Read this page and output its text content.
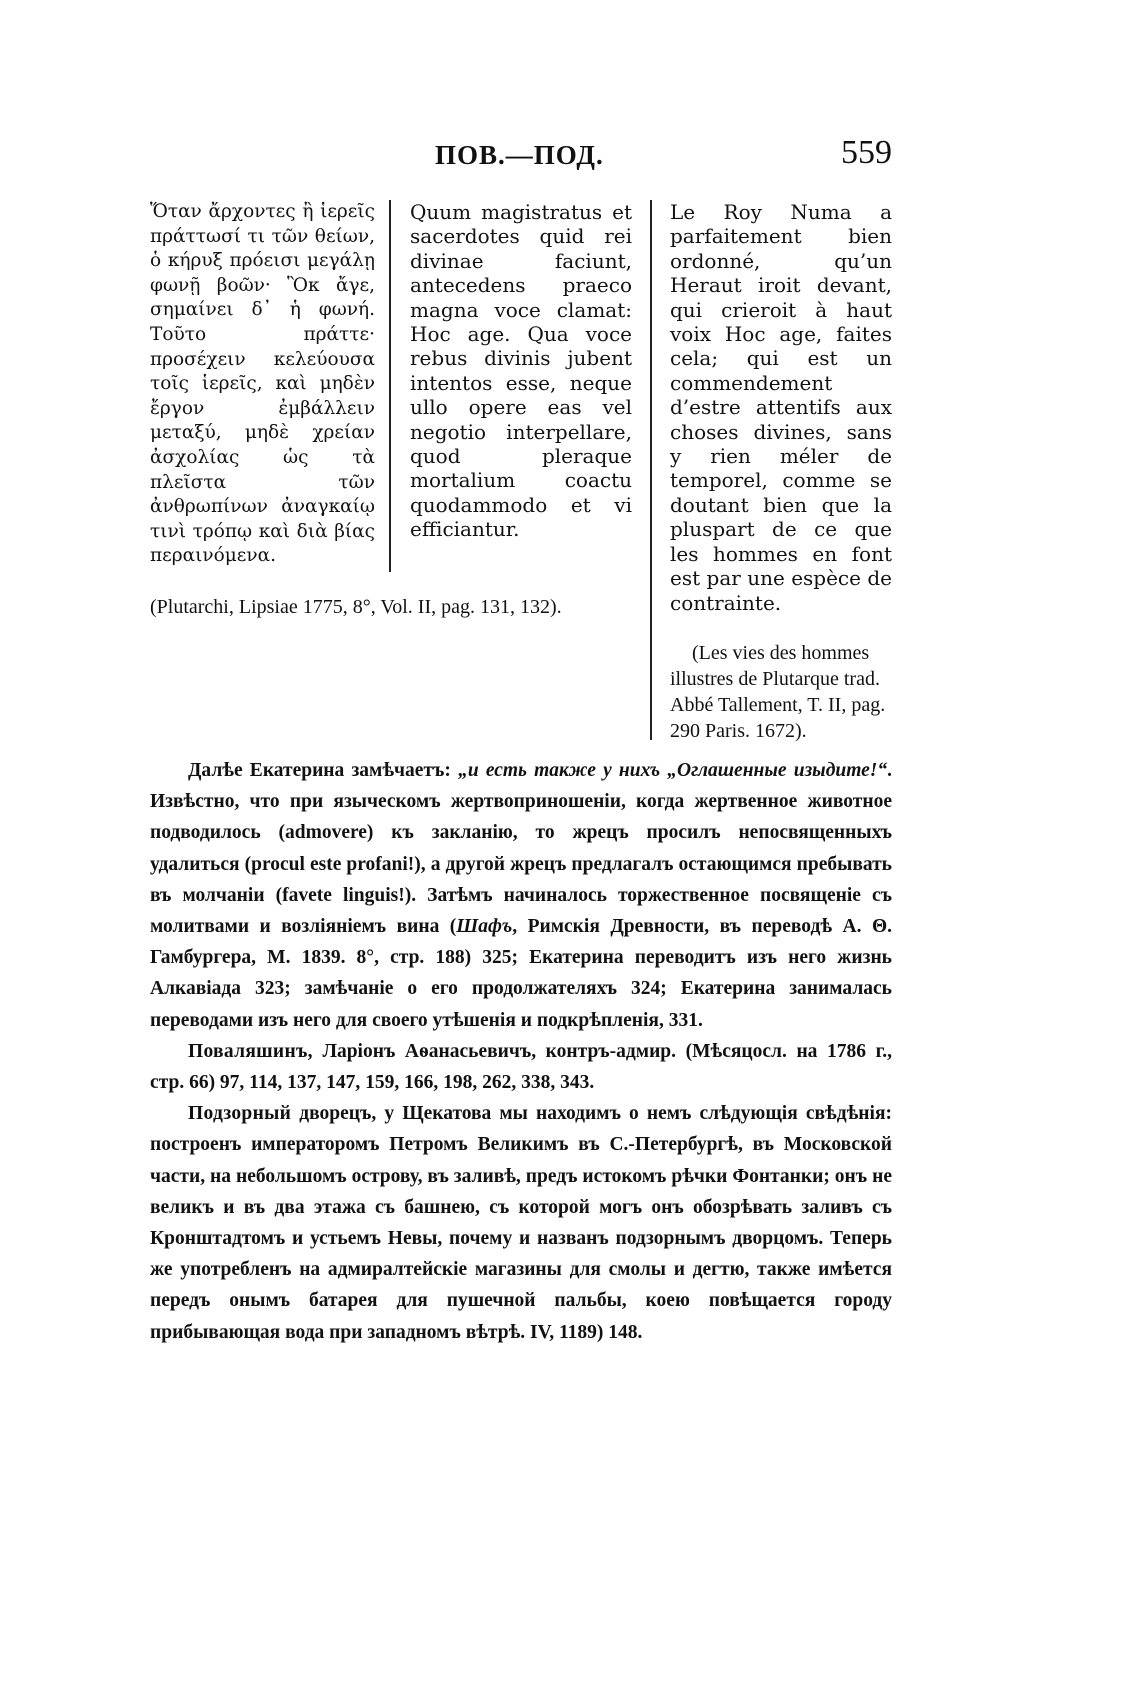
ПОВ.—ПОД.	559

Ὅταν ἄρχοντες ἢ ἱερεῖς πράττωσί τι τῶν θείων, ὁ κήρυξ πρόεισι μεγάλῃ φωνῇ βοῶν· Ὃκ ἄγε, σημαίνει δ᾽ ἡ φωνή. Τοῦτο πράττε· προσέχειν κελεύουσα τοῖς ἱερεῖς, καὶ μηδὲν ἔργον ἐμβάλλειν μεταξύ, μηδὲ χρείαν ἀσχολίας ὡς τὰ πλεῖστα τῶν ἀνθρωπίνων ἀναγκαίῳ τινὶ τρόπῳ καὶ διὰ βίας περαινόμενα.

Quum magistratus et sacerdotes quid rei divinae faciunt, antecedens praeco magna voce clamat: Hoc age. Qua voce rebus divinis jubent intentos esse, neque ullo opere eas vel negotio interpellare, quod pleraque mortalium coactu quodammodo et vi efficiantur.

Le Roy Numa a parfaitement bien ordonné, qu’un Heraut iroit devant, qui crieroit à haut voix Hoc age, faites cela; qui est un commendement d’estre attentifs aux choses divines, sans y rien méler de temporel, comme se doutant bien que la pluspart de ce que les hommes en font est par une espèce de contrainte.

(Plutarchi, Lipsiae 1775, 8°, Vol. II, pag. 131, 132).

(Les vies des hommes illustres de Plutarque trad. Abbé Tallement, T. II, pag. 290 Paris. 1672).

Далѣе Екатерина замѣчаетъ: „и есть также у нихъ „Оглашенные изыдите!“. Извѣстно, что при языческомъ жертвоприношеніи, когда жертвенное животное подводилось (admovere) къ закланію, то жрецъ просилъ непосвященныхъ удалиться (procul este profani!), а другой жрецъ предлагалъ остающимся пребывать въ молчаніи (favete linguis!). Затѣмъ начиналось торжественное посвященіе съ молитвами и возліяніемъ вина (Шафъ, Римскія Древности, въ переводѣ А. Θ. Гамбургера, М. 1839. 8°, стр. 188) 325; Екатерина переводитъ изъ него жизнь Алкавіада 323; замѣчаніе о его продолжателяхъ 324; Екатерина занималась переводами изъ него для своего утѣшенія и подкрѣпленія, 331.

Поваляшинъ, Ларіонъ Аѳанасьевичъ, контръ-адмир. (Мѣсяцосл. на 1786 г., стр. 66) 97, 114, 137, 147, 159, 166, 198, 262, 338, 343.

Подзорный дворецъ, у Щекатова мы находимъ о немъ слѣдующія свѣдѣнія: построенъ императоромъ Петромъ Великимъ въ С.-Петербургѣ, въ Московской части, на небольшомъ острову, въ заливѣ, предъ истокомъ рѣчки Фонтанки; онъ не великъ и въ два этажа съ башнею, съ которой могъ онъ обозрѣвать заливъ съ Кронштадтомъ и устьемъ Невы, почему и названъ подзорнымъ дворцомъ. Теперь же употребленъ на адмиралтейскіе магазины для смолы и дегтю, также имѣется передъ онымъ батарея для пушечной пальбы, коею повѣщается городу прибывающая вода при западномъ вѣтрѣ. IV, 1189) 148.
